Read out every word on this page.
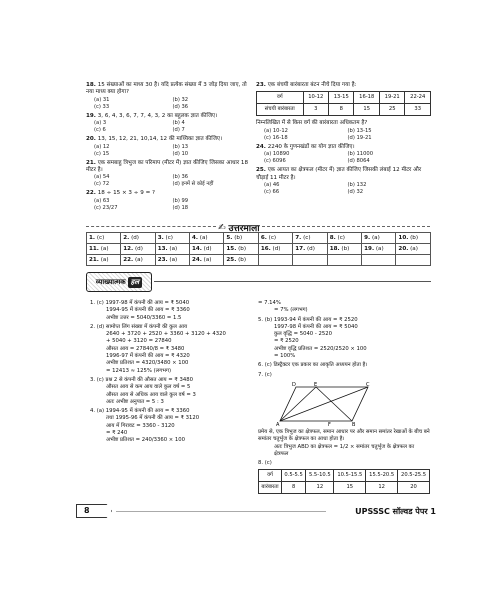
18. 15 संख्याओं का माध्य 30 है। यदि प्रत्येक संख्या में 3 जोड़ दिया जाए, तो नया माध्य क्या होगा?
(a) 31	(b) 32
(c) 33	(d) 36
19. 3, 6, 4, 3, 6, 7, 7, 4, 3, 2 का बहुलक ज्ञात कीजिए।
(a) 3	(b) 4
(c) 6	(d) 7
20. 13, 15, 12, 21, 10,14, 12 की माध्यिका ज्ञात कीजिए।
(a) 12	(b) 13
(c) 15	(d) 10
21. एक समबाहु त्रिभुज का परिमाप (मीटर में) ज्ञात कीजिए जिसका आधार 18 मीटर है।
(a) 54	(b) 36
(c) 72	(d) इनमें से कोई नहीं
22. 18 ÷ 15 × 3 ÷ 9 = ?
(a) 63	(b) 99
(c) 23/27	(d) 18
23. एक बंचयी बारंबारता बंटन नीचे दिया गया है:
वर्ग	10-12	13-15	16-18	19-21	22-24
संचयी बारंबारता	3	8	15	25	33
निम्नलिखित में से किस वर्ग की बारंबारता अधिकतम है?
(a) 10-12	(b) 13-15
(c) 16-18	(d) 19-21
24. 2240 के गुणनखंडों का योग ज्ञात कीजिए।
(a) 10890	(b) 11000
(c) 6096	(d) 8064
25. एक आयत का क्षेत्रफल (मीटर में) ज्ञात कीजिए जिसकी लंबाई 12 मीटर और चौड़ाई 11 मीटर है।
(a) 46	(b) 132
(c) 66	(d) 32
✍ उत्तरमाला
1. (c)	2. (d)	3. (c)	4. (a)	5. (b)	6. (c)	7. (c)	8. (c)	9. (a)	10. (b)
11. (a)	12. (d)	13. (a)	14. (d)	15. (b)	16. (d)	17. (d)	18. (b)	19. (a)	20. (a)
21. (a)	22. (a)	23. (a)	24. (a)	25. (b)					
व्याख्यात्मक हल
1. (c) 1997-98 में कंपनी की आय = ₹ 5040
1994-95 में कंपनी की आय = ₹ 3360
अभीष्ट उत्तर = 5040/3360 = 1.5
2. (d) सामोप्त लिंग संख्या में कंपनी की कुल आय
2640 + 3720 + 2520 + 3360 + 3120 + 4320
+ 5040 + 3120 = 27840
औसत आय = 27840/8 = ₹ 3480
1996-97 में कंपनी की आय = ₹ 4320
अभीष्ट प्रतिशत = 4320/3480 × 100
= 12413 ≈ 125% (लगभग)
3. (c) प्रश्न 2 से कंपनी की औसत आय = ₹ 3480
औसत आय से कम आय वाले कुल वर्ष = 5
औसत आय से अधिक आय वाले कुल वर्ष = 3
अतः अभीष्ट अनुपात = 5 : 3
4. (a) 1994-95 में कंपनी की आय = ₹ 3360
तथा 1995-96 में कंपनी की आय = ₹ 3120
आय में गिरावट = 3360 - 3120
= ₹ 240
अभीष्ट प्रतिशत = 240/3360 × 100
= 7.14%
= 7% (लगभग)
5. (b) 1993-94 में कंपनी की आय = ₹ 2520
1997-98 में कंपनी की आय = ₹ 5040
कुल वृद्धि = 5040 - 2520
= ₹ 2520
अभीष्ट वृद्धि प्रतिशत = 2520/2520 × 100
= 100%
6. (c) डिस्ट्रैक्टर एक प्रकार का आकृति अध्ययन होता है।
7. (c)
D	E	C
A	B
F
प्रमेय से, एक त्रिभुज का क्षेत्रफल, समान आधार पर और समान समांतर रेखाओं के बीच बने समांतर चतुर्भुज के क्षेत्रफल का आधा होता है।
अतः त्रिभुज ABD का क्षेत्रफल = 1/2 × समांतर चतुर्भुज के क्षेत्रफल का क्षेत्रफल
8. (c)
वर्ग	0.5-5.5	5.5-10.5	10.5-15.5	15.5-20.5	20.5-25.5
बारंबारता	8	12	15	12	20
8	UPSSSC सॉल्वड पेपर 1
